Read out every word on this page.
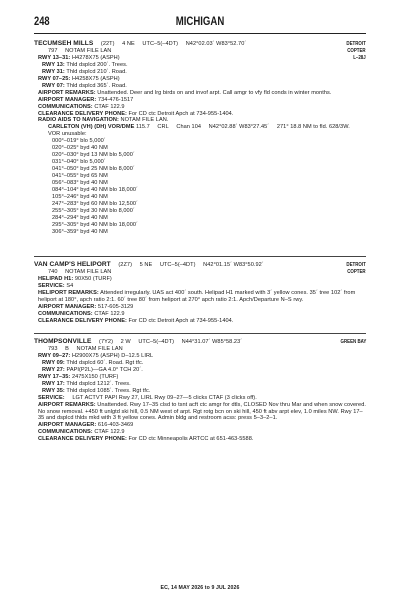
248	MICHIGAN
DETROIT
COPTER
L–28J
TECUMSEH MILLS (22T) 4 NE UTC–5(–4DT) N42°02.03´ W83°52.70´
797 NOTAM FILE LAN
RWY 13–31: H4278X75 (ASPH)
RWY 13: Thld dsplcd 200´. Trees.
RWY 31: Thld dsplcd 210´. Road.
RWY 07–25: H4258X75 (ASPH)
RWY 07: Thld dsplcd 365´. Road.
AIRPORT REMARKS: Unattended. Deer and lrg birds on and invof arpt. Call amgr to vfy fld conds in winter months.
AIRPORT MANAGER: 734-476-1517
COMMUNICATIONS: CTAF 122.9
CLEARANCE DELIVERY PHONE: For CD ctc Detroit Apch at 734-955-1404.
RADIO AIDS TO NAVIGATION: NOTAM FILE LAN.
CARLETON (VH) (DH) VOR/DME 115.7 CRL Chan 104 N42°02.88´ W83°27.45´ 271° 18.8 NM to fld. 628/3W.
VOR unusable:
000°–019° blo 5,000´
020°–025° byd 40 NM
020°–030° byd 13 NM blo 5,000´
031°–040° blo 5,000´
041°–050° byd 25 NM blo 8,000´
041°–055° byd 65 NM
056°–083° byd 40 NM
084°–104° byd 40 NM blo 18,000´
105°–246° byd 40 NM
247°–283° byd 60 NM blo 12,500´
255°–305° byd 30 NM blo 8,000´
284°–294° byd 40 NM
295°–305° byd 40 NM blo 18,000´
306°–359° byd 40 NM
DETROIT
COPTER
VAN CAMP'S HELIPORT (2Z7) 5 NE UTC–5(–4DT) N42°01.15´ W83°50.92´
740 NOTAM FILE LAN
HELIPAD H1: 90X50 (TURF)
SERVICE: S4
HELIPORT REMARKS: Attended irregularly. UAS act 400´ south. Helipad H1 marked with 3´ yellow cones. 35´ tree 102´ from heliport at 180°, apch ratio 2:1. 60´ tree 80´ from heliport at 270° apch ratio 2:1. Apch/Departure N–S rwy.
AIRPORT MANAGER: 517-605-3129
COMMUNICATIONS: CTAF 122.9
CLEARANCE DELIVERY PHONE: For CD ctc Detroit Apch at 734-955-1404.
GREEN BAY
THOMPSONVILLE (7Y2) 2 W UTC–5(–4DT) N44°31.07´ W85°58.23´
793 B NOTAM FILE LAN
RWY 09–27: H2900X75 (ASPH) D–12.5 LIRL
RWY 09: Thld dsplcd 60´. Road. Rgt tfc.
RWY 27: PAPI(P2L)—GA 4.0° TCH 20´.
RWY 17–35: 2475X150 (TURF)
RWY 17: Thld dsplcd 1212´. Trees.
RWY 35: Thld dsplcd 1085´. Trees. Rgt tfc.
SERVICE: LGT ACTVT PAPI Rwy 27, LIRL Rwy 09–27—5 clicks CTAF (3 clicks off).
AIRPORT REMARKS: Unattended. Rwy 17–35 clsd to tsnt acft ctc amgr for dtls, CLOSED Nov thru Mar and when snow covered. No snow removal. +450 ft unlgtd ski hill, 0.5 NM west of arpt. Rgt rotg bcn on ski hill, 450 ft abv arpt elev, 1.0 miles NW. Rwy 17–35 and dsplcd thlds mkd with 3 ft yellow cones. Admin bldg and restroom acss: press 5–3–2–1.
AIRPORT MANAGER: 616-403-3469
COMMUNICATIONS: CTAF 122.9
CLEARANCE DELIVERY PHONE: For CD ctc Minneapolis ARTCC at 651-463-5588.
EC, 14 MAY 2026 to 9 JUL 2026
